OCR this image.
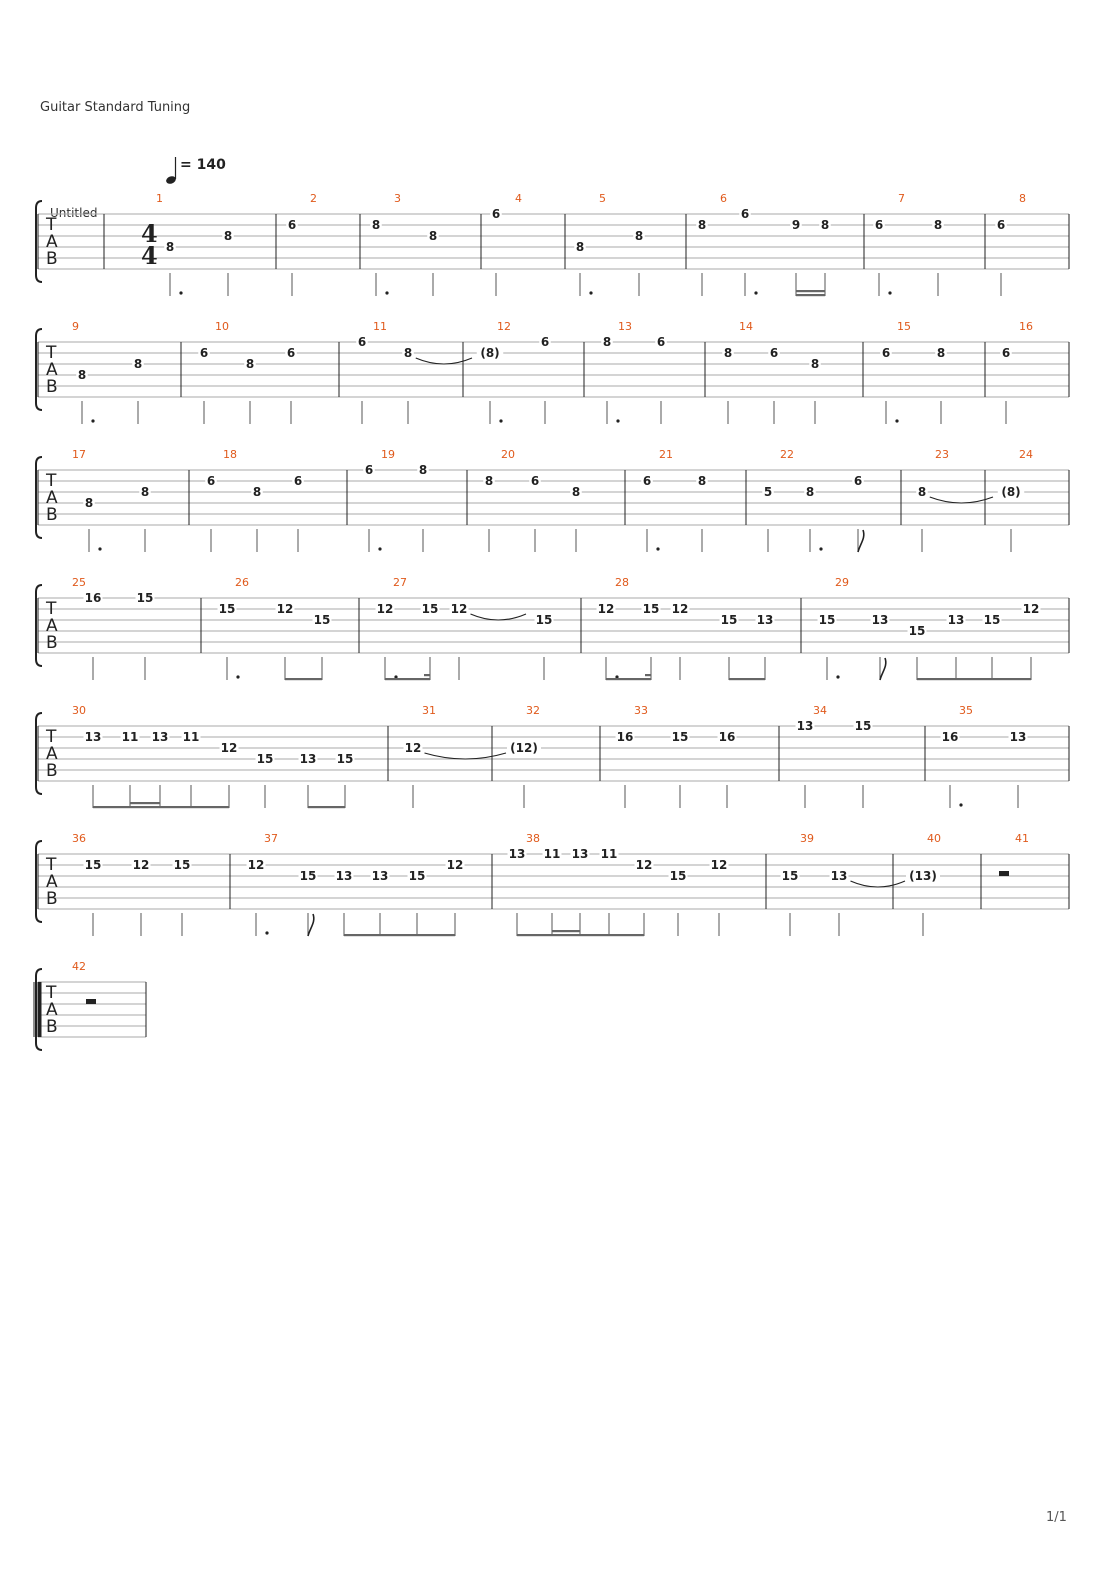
Guitar Standard Tuning
= 140
Untitled
T
A
B
4
4
1
8
8
2
6
3
8
8
4
6
5
8
8
6
8
6
9 8
7
6	8
8
6
T
A
B
9
8
8
10
6
8
6
11
6
8
12
(8)
6
13
8	6
14
8	6
8
15
6	8
16
6
T
A
B
17
8
8
18
6
8
6
19
6	8
20
8	6
8
21
6	8
22
5	8
6
23
8
24
(8)
T
A
B
25
16	15
26
15	12
15
27
12 15 12
15
28
12 15 12
15 13
29
15	13
15
13 15
12
T
A
B
30
13 11 13 11
12
15 13 15
31
12
32
(12)
33
16	15	16
34
13	15
35
16	13
T
A
B
36
15	12 15
37
12
15 13 13 15
12
38
13 11 13 11
12
15
12
39
15	13
40
(13)
41
T
A
B
42
1/1
